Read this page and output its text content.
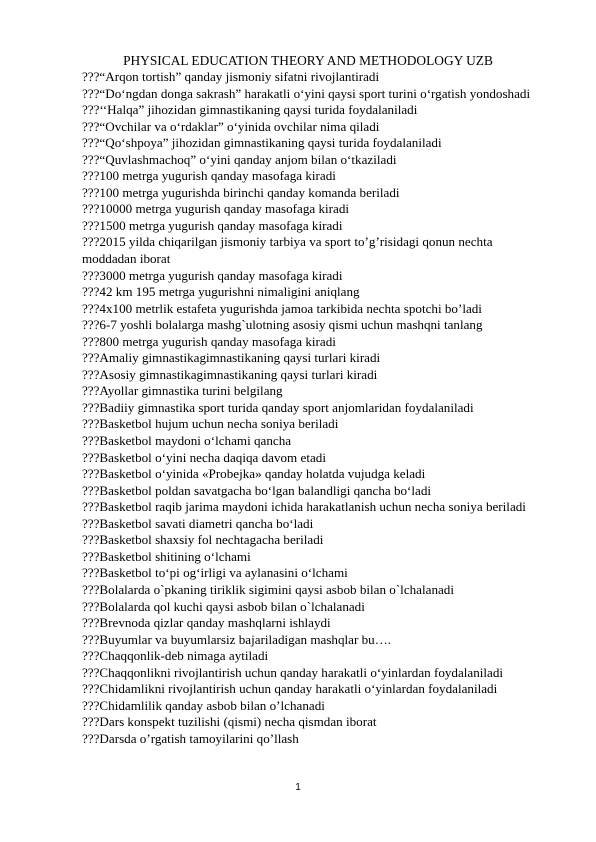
PHYSICAL EDUCATION THEORY AND METHODOLOGY UZB
???“Arqon tortish” qanday jismoniy sifatni rivojlantiradi
???“Do‘ngdan donga sakrash” harakatli o‘yini qaysi sport turini o‘rgatish yondoshadi
???‘‘Halqa” jihozidan gimnastikaning qaysi turida foydalaniladi
???“Ovchilar va o‘rdaklar” o‘yinida ovchilar nima qiladi
???“Qo‘shpoya” jihozidan gimnastikaning qaysi turida foydalaniladi
???“Quvlashmachoq” o‘yini qanday anjom bilan o‘tkaziladi
???100 metrga yugurish qanday masofaga kiradi
???100 metrga yugurishda birinchi qanday komanda beriladi
???10000 metrga yugurish qanday masofaga kiradi
???1500 metrga yugurish qanday masofaga kiradi
???2015 yilda chiqarilgan jismoniy tarbiya va sport to’g’risidagi qonun nechta moddadan iborat
???3000 metrga yugurish qanday masofaga kiradi
???42 km 195 metrga yugurishni nimaligini aniqlang
???4x100 metrlik estafeta yugurishda jamoa tarkibida nechta spotchi bo’ladi
???6-7 yoshli bolalarga mashg`ulotning asosiy qismi uchun mashqni tanlang
???800 metrga yugurish qanday masofaga kiradi
???Amaliy gimnastikagimnastikaning qaysi turlari kiradi
???Asosiy gimnastikagimnastikaning qaysi turlari kiradi
???Ayollar gimnastika turini belgilang
???Badiiy gimnastika sport turida qanday sport anjomlaridan foydalaniladi
???Basketbol hujum uchun necha soniya beriladi
???Basketbol maydoni o‘lchami qancha
???Basketbol o‘yini necha daqiqa davom etadi
???Basketbol o‘yinida «Probejka» qanday holatda vujudga keladi
???Basketbol poldan savatgacha bo‘lgan balandligi qancha bo‘ladi
???Basketbol raqib jarima maydoni ichida harakatlanish uchun necha soniya beriladi
???Basketbol savati diametri qancha bo‘ladi
???Basketbol shaxsiy fol nechtagacha beriladi
???Basketbol shitining o‘lchami
???Basketbol to‘pi og‘irligi va aylanasini o‘lchami
???Bolalarda o`pkaning tiriklik sigimini qaysi asbob bilan o`lchalanadi
???Bolalarda qol kuchi qaysi asbob bilan o`lchalanadi
???Brevnoda qizlar qanday mashqlarni ishlaydi
???Buyumlar va buyumlarsiz bajariladigan mashqlar bu….
???Chaqqonlik-deb nimaga aytiladi
???Chaqqonlikni rivojlantirish uchun qanday harakatli o‘yinlardan foydalaniladi
???Chidamlikni rivojlantirish uchun qanday harakatli o‘yinlardan foydalaniladi
???Chidamlilik qanday asbob bilan o’lchanadi
???Dars konspekt tuzilishi (qismi) necha qismdan iborat
???Darsda o’rgatish tamoyilarini qo’llash
1
